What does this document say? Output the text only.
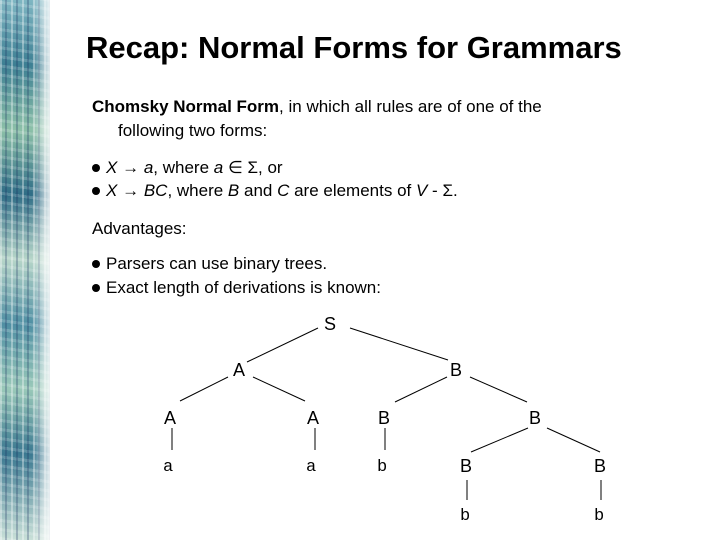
Recap: Normal Forms for Grammars
Chomsky Normal Form, in which all rules are of one of the
following two forms:
X → a, where a ∈ Σ, or
X → BC, where B and C are elements of V - Σ.
Advantages:
Parsers can use binary trees.
Exact length of derivations is known:
S
A	B
A	A	B	B
a	a	b	B	B
b	b
